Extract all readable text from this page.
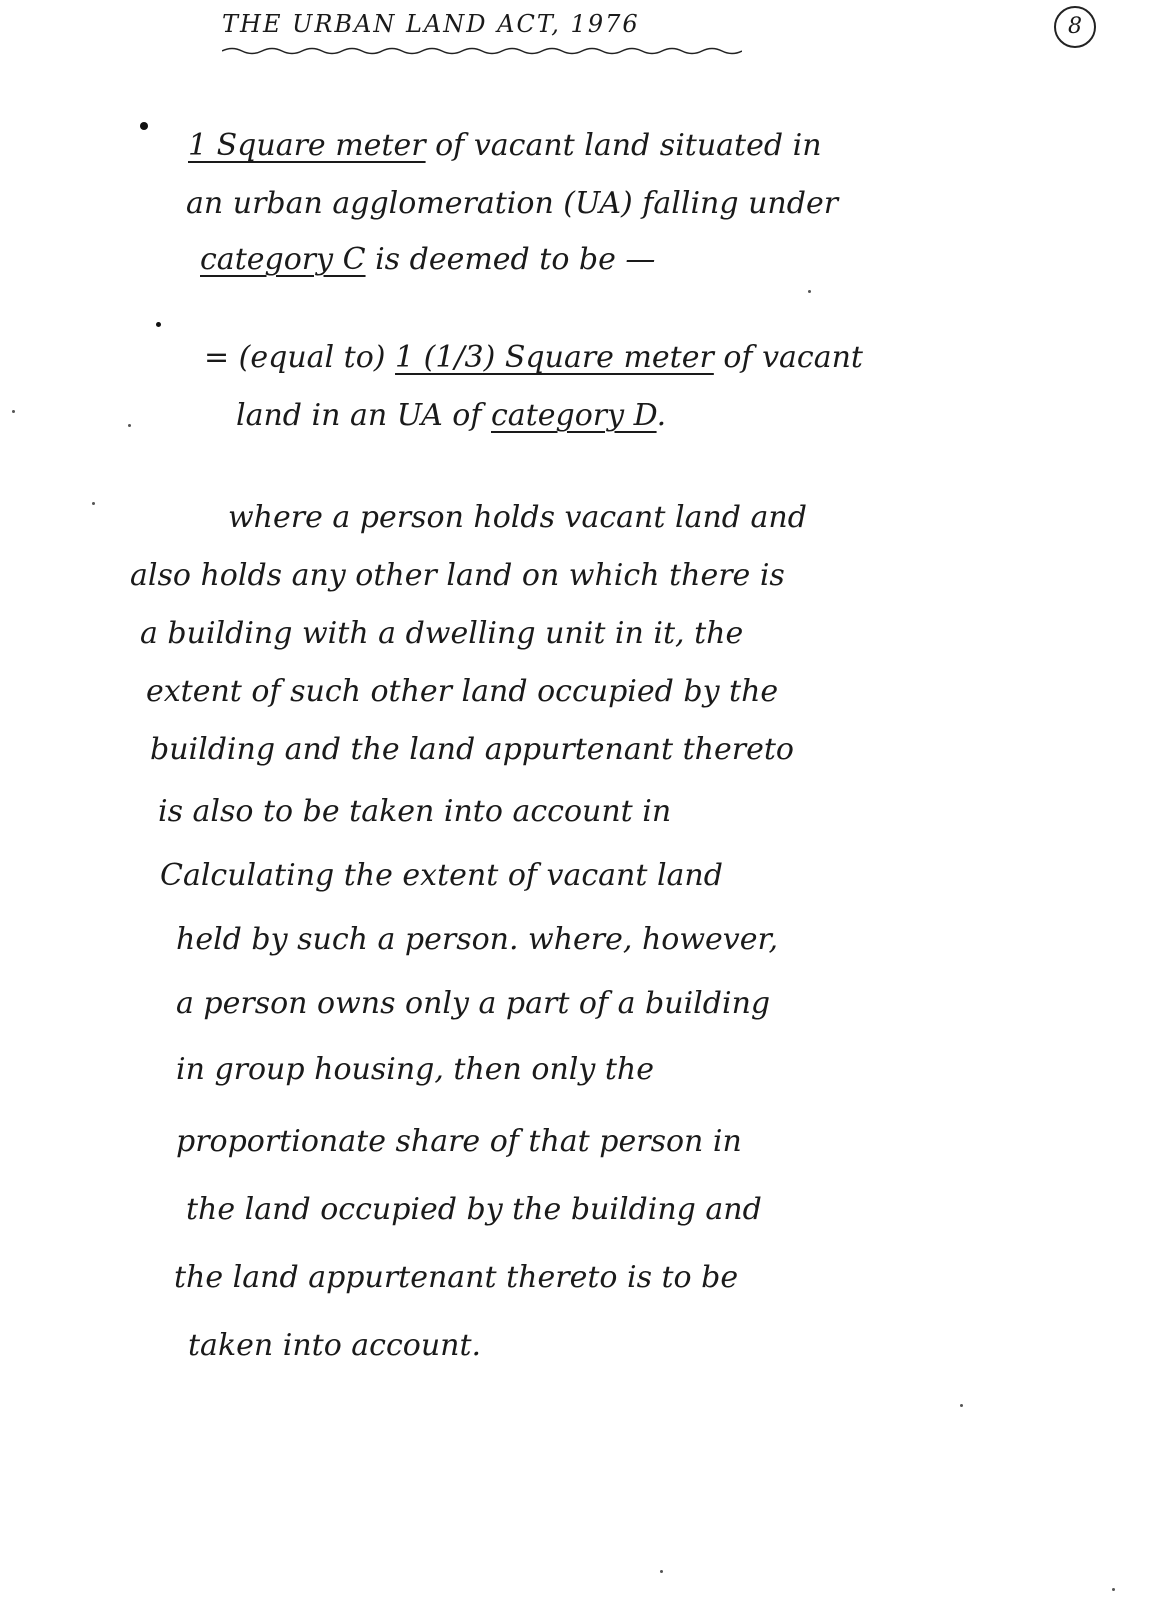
THE URBAN LAND ACT, 1976	8
1 Square meter of vacant land situated in
an urban agglomeration (UA) falling under
category C is deemed to be —
= (equal to) 1 (1/3) Square meter of vacant
land in an UA of category D.
where a person holds vacant land and
also holds any other land on which there is
a building with a dwelling unit in it, the
extent of such other land occupied by the
building and the land appurtenant thereto
is also to be taken into account in
Calculating the extent of vacant land
held by such a person. where, however,
a person owns only a part of a building
in group housing, then only the
proportionate share of that person in
the land occupied by the building and
the land appurtenant thereto is to be
taken into account.
